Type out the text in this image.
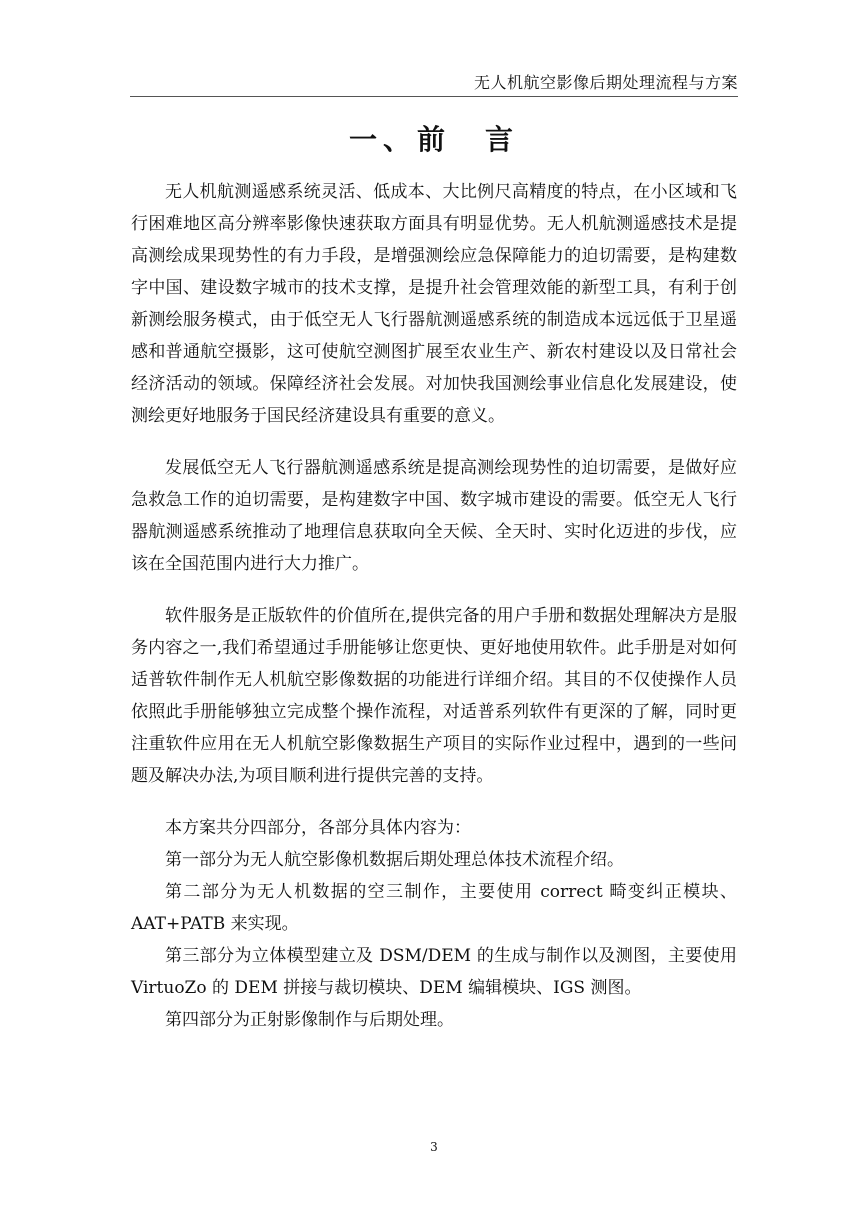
无人机航空影像后期处理流程与方案
一、前　言

无人机航测遥感系统灵活、低成本、大比例尺高精度的特点，在小区域和飞行困难地区高分辨率影像快速获取方面具有明显优势。无人机航测遥感技术是提高测绘成果现势性的有力手段，是增强测绘应急保障能力的迫切需要，是构建数字中国、建设数字城市的技术支撑，是提升社会管理效能的新型工具，有利于创新测绘服务模式，由于低空无人飞行器航测遥感系统的制造成本远远低于卫星遥感和普通航空摄影，这可使航空测图扩展至农业生产、新农村建设以及日常社会经济活动的领域。保障经济社会发展。对加快我国测绘事业信息化发展建设，使测绘更好地服务于国民经济建设具有重要的意义。

发展低空无人飞行器航测遥感系统是提高测绘现势性的迫切需要，是做好应急救急工作的迫切需要，是构建数字中国、数字城市建设的需要。低空无人飞行器航测遥感系统推动了地理信息获取向全天候、全天时、实时化迈进的步伐，应该在全国范围内进行大力推广。

软件服务是正版软件的价值所在,提供完备的用户手册和数据处理解决方是服务内容之一,我们希望通过手册能够让您更快、更好地使用软件。此手册是对如何适普软件制作无人机航空影像数据的功能进行详细介绍。其目的不仅使操作人员依照此手册能够独立完成整个操作流程，对适普系列软件有更深的了解，同时更注重软件应用在无人机航空影像数据生产项目的实际作业过程中，遇到的一些问题及解决办法,为项目顺利进行提供完善的支持。

本方案共分四部分，各部分具体内容为：

第一部分为无人航空影像机数据后期处理总体技术流程介绍。

第二部分为无人机数据的空三制作，主要使用 correct 畸变纠正模块、AAT+PATB 来实现。

第三部分为立体模型建立及 DSM/DEM 的生成与制作以及测图，主要使用 VirtuoZo 的 DEM 拼接与裁切模块、DEM 编辑模块、IGS 测图。

第四部分为正射影像制作与后期处理。

3
